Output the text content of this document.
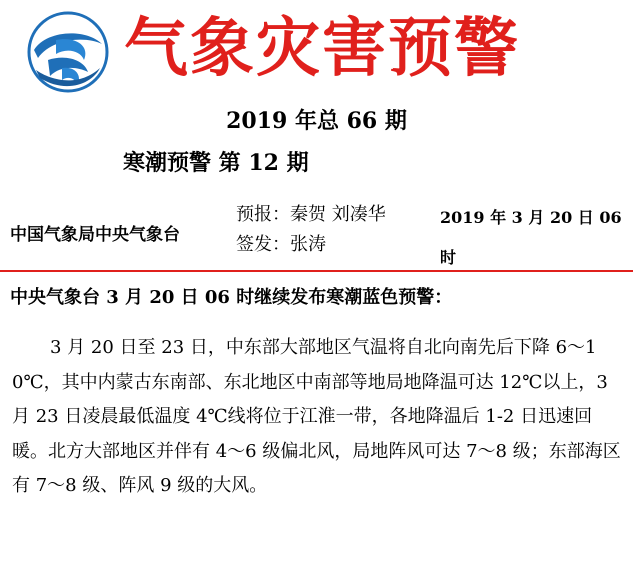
气象灾害预警
2019 年总 66 期
寒潮预警 第 12 期
中国气象局中央气象台
预报：秦贺 刘凑华
签发：张涛
2019 年 3 月 20 日 06 时
中央气象台 3 月 20 日 06 时继续发布寒潮蓝色预警：

3 月 20 日至 23 日，中东部大部地区气温将自北向南先后下降 6～10℃，其中内蒙古东南部、东北地区中南部等地局地降温可达 12℃以上，3 月 23 日凌晨最低温度 4℃线将位于江淮一带，各地降温后 1-2 日迅速回暖。北方大部地区并伴有 4～6 级偏北风，局地阵风可达 7～8 级；东部海区有 7～8 级、阵风 9 级的大风。
